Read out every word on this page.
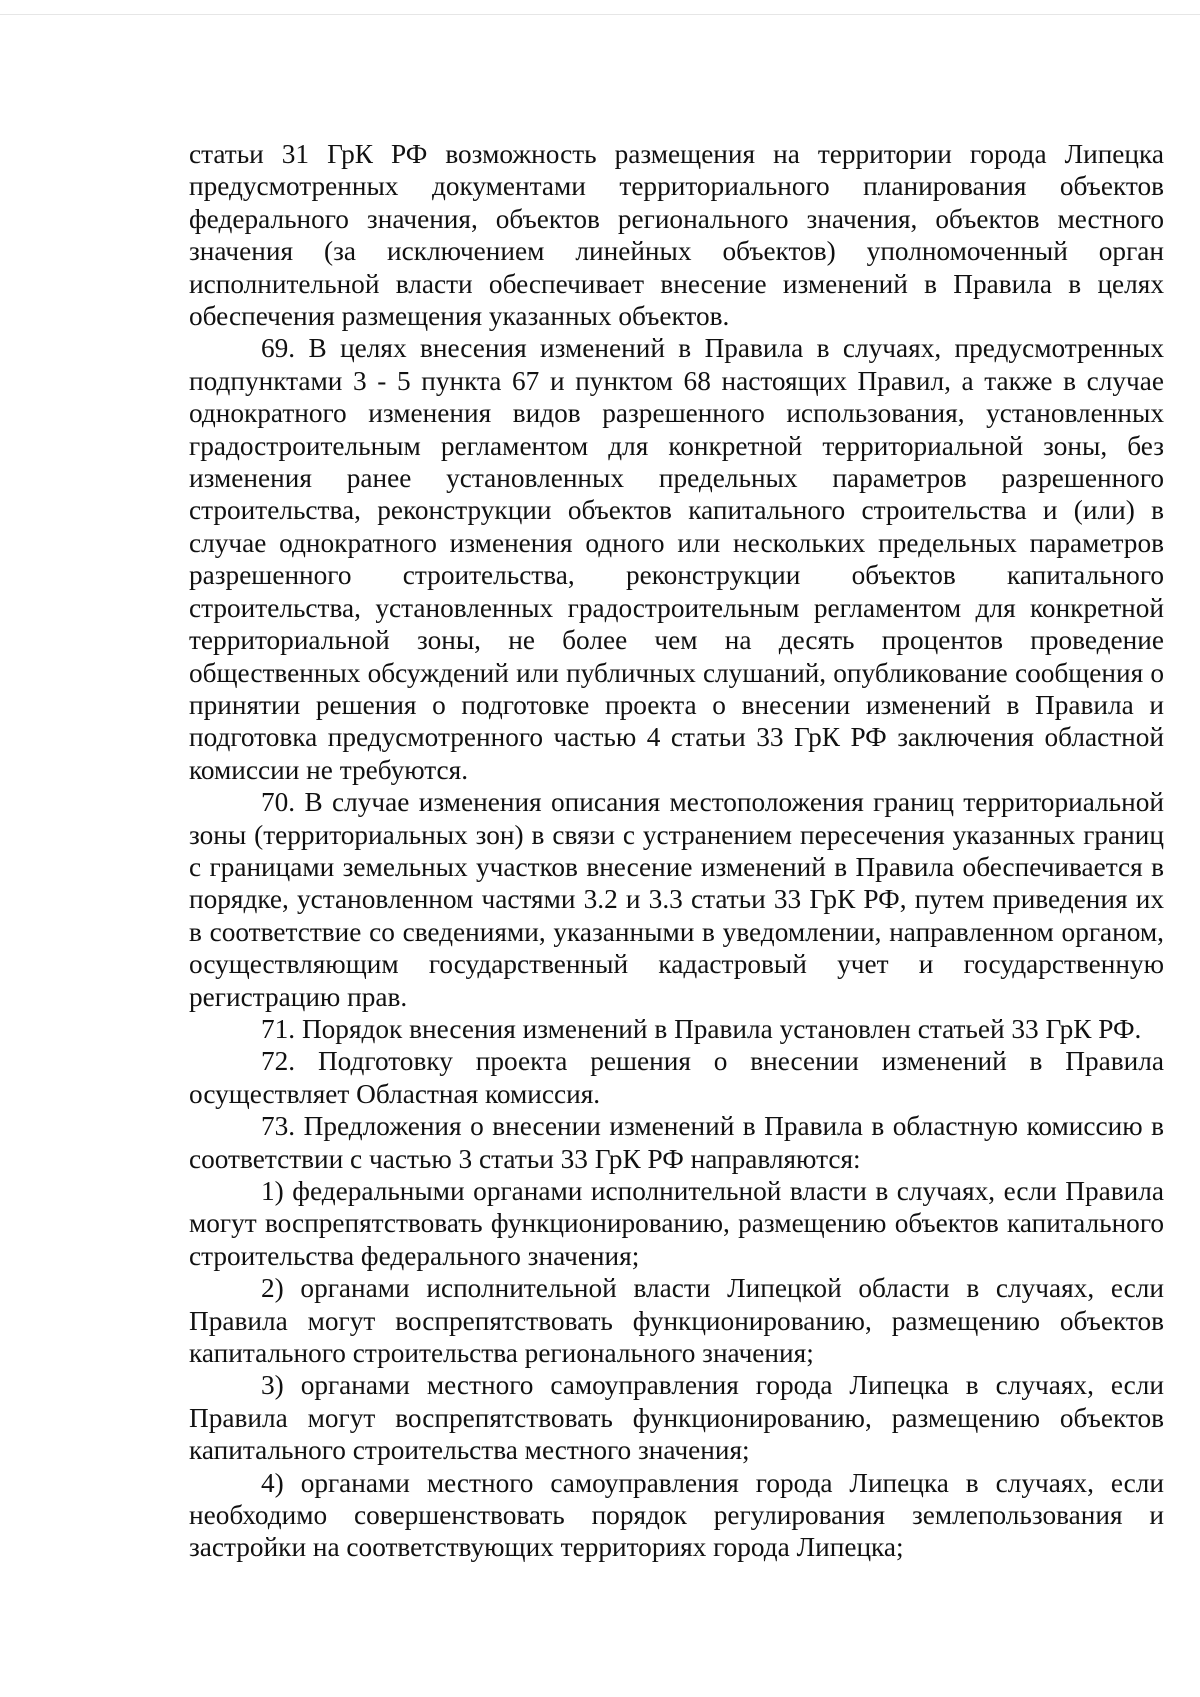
статьи 31 ГрК РФ возможность размещения на территории города Липецка предусмотренных документами территориального планирования объектов федерального значения, объектов регионального значения, объектов местного значения (за исключением линейных объектов) уполномоченный орган исполнительной власти обеспечивает внесение изменений в Правила в целях обеспечения размещения указанных объектов.

69. В целях внесения изменений в Правила в случаях, предусмотренных подпунктами 3 - 5 пункта 67 и пунктом 68 настоящих Правил, а также в случае однократного изменения видов разрешенного использования, установленных градостроительным регламентом для конкретной территориальной зоны, без изменения ранее установленных предельных параметров разрешенного строительства, реконструкции объектов капитального строительства и (или) в случае однократного изменения одного или нескольких предельных параметров разрешенного строительства, реконструкции объектов капитального строительства, установленных градостроительным регламентом для конкретной территориальной зоны, не более чем на десять процентов проведение общественных обсуждений или публичных слушаний, опубликование сообщения о принятии решения о подготовке проекта о внесении изменений в Правила и подготовка предусмотренного частью 4 статьи 33 ГрК РФ заключения областной комиссии не требуются.

70. В случае изменения описания местоположения границ территориальной зоны (территориальных зон) в связи с устранением пересечения указанных границ с границами земельных участков внесение изменений в Правила обеспечивается в порядке, установленном частями 3.2 и 3.3 статьи 33 ГрК РФ, путем приведения их в соответствие со сведениями, указанными в уведомлении, направленном органом, осуществляющим государственный кадастровый учет и государственную регистрацию прав.

71. Порядок внесения изменений в Правила установлен статьей 33 ГрК РФ.

72. Подготовку проекта решения о внесении изменений в Правила осуществляет Областная комиссия.

73. Предложения о внесении изменений в Правила в областную комиссию в соответствии с частью 3 статьи 33 ГрК РФ направляются:

1) федеральными органами исполнительной власти в случаях, если Правила могут воспрепятствовать функционированию, размещению объектов капитального строительства федерального значения;

2) органами исполнительной власти Липецкой области в случаях, если Правила могут воспрепятствовать функционированию, размещению объектов капитального строительства регионального значения;

3) органами местного самоуправления города Липецка в случаях, если Правила могут воспрепятствовать функционированию, размещению объектов капитального строительства местного значения;

4) органами местного самоуправления города Липецка в случаях, если необходимо совершенствовать порядок регулирования землепользования и застройки на соответствующих территориях города Липецка;
